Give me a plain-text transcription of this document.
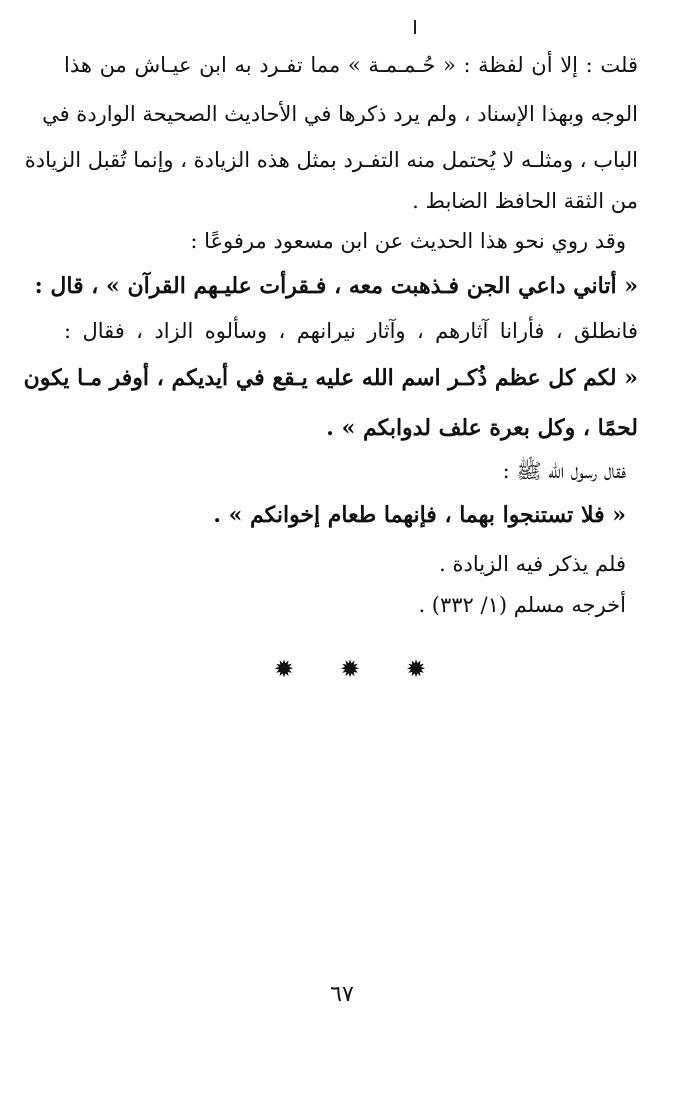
قلت : إلا أن لفظة : « حُـمـمـة » مما تفـرد به ابن عيـاش من هذا
الوجه وبهذا الإسناد ، ولم يرد ذكرها في الأحاديث الصحيحة الواردة في
الباب ، ومثلـه لا يُحتمل منه التفـرد بمثل هذه الزيادة ، وإنما تُقبل الزيادة
من الثقة الحافظ الضابط .
وقد روي نحو هذا الحديث عن ابن مسعود مرفوعًا :
« أتاني داعي الجن فـذهبت معه ، فـقرأت عليـهم القرآن » ، قال :
فانطلق ، فأرانا آثارهم ، وآثار نيرانهم ، وسألوه الزاد ، فقال :
« لكم كل عظم ذُكـر اسم الله عليه يـقع في أيديكم ، أوفر مـا يكون
لحمًا ، وكل بعرة علف لدوابكم » .
فقال رسول الله ﷺ :
« فلا تستنجوا بهما ، فإنهما طعام إخوانكم » .
فلم يذكر فيه الزيادة .
أخرجه مسلم (١/ ٣٣٢) .
✹ ✹ ✹
٦٧
